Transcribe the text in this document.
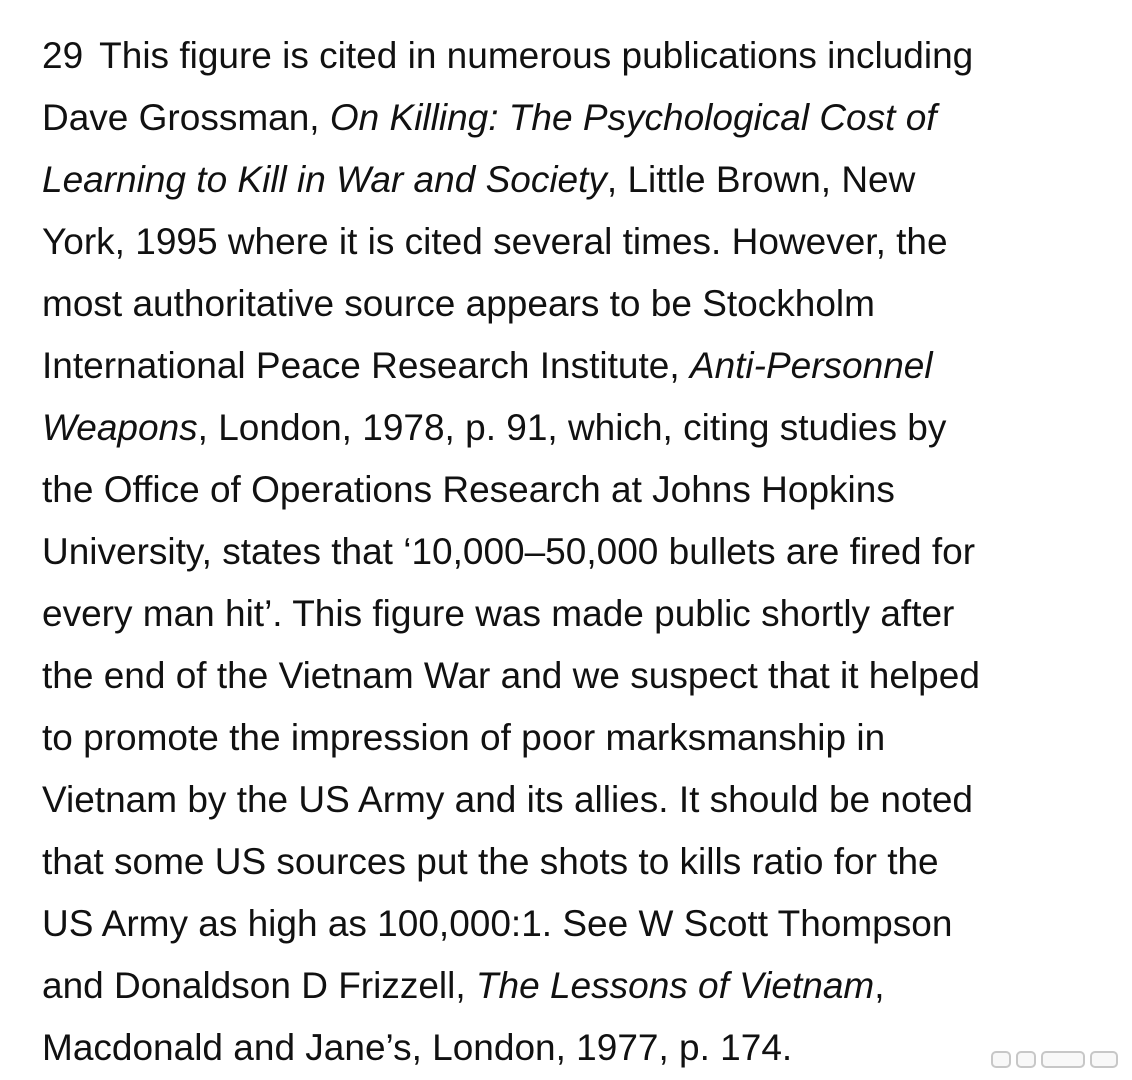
29 This figure is cited in numerous publications including
Dave Grossman, On Killing: The Psychological Cost of
Learning to Kill in War and Society, Little Brown, New
York, 1995 where it is cited several times. However, the
most authoritative source appears to be Stockholm
International Peace Research Institute, Anti-Personnel
Weapons, London, 1978, p. 91, which, citing studies by
the Office of Operations Research at Johns Hopkins
University, states that ‘10,000–50,000 bullets are fired for
every man hit’. This figure was made public shortly after
the end of the Vietnam War and we suspect that it helped
to promote the impression of poor marksmanship in
Vietnam by the US Army and its allies. It should be noted
that some US sources put the shots to kills ratio for the
US Army as high as 100,000:1. See W Scott Thompson
and Donaldson D Frizzell, The Lessons of Vietnam,
Macdonald and Jane’s, London, 1977, p. 174.
